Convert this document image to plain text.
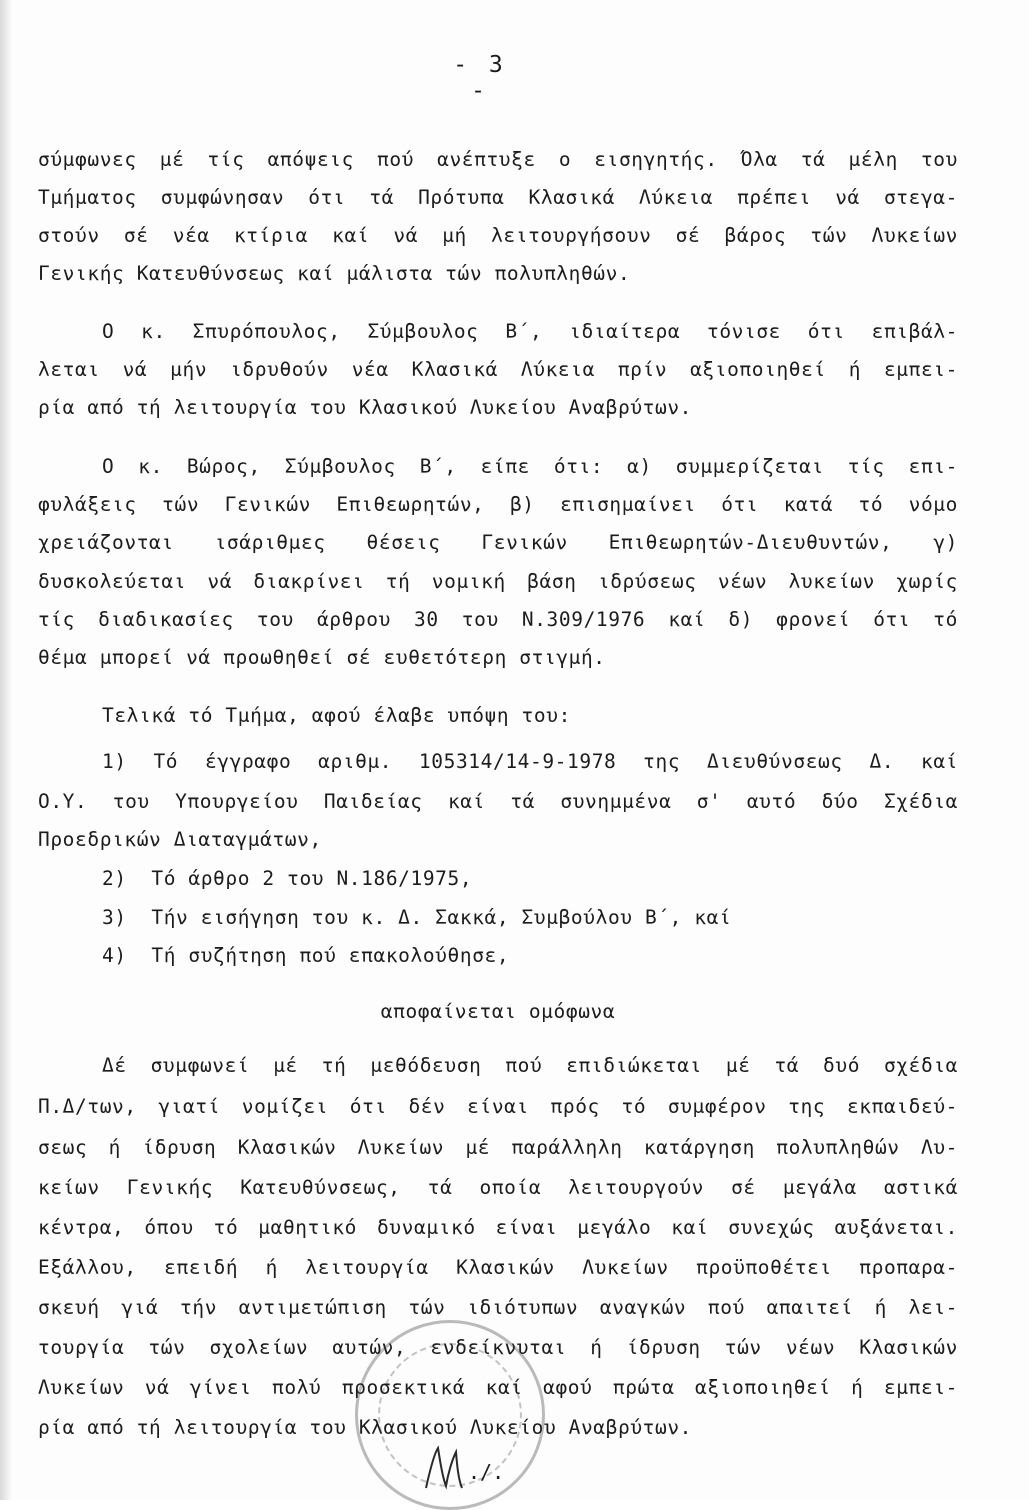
- 3 -
σύμφωνες μέ τίς απόψεις πού ανέπτυξε ο εισηγητής. Όλα τά μέλη του
Τμήματος συμφώνησαν ότι τά Πρότυπα Κλασικά Λύκεια πρέπει νά στεγα-
στούν σέ νέα κτίρια καί νά μή λειτουργήσουν σέ βάρος τών Λυκείων
Γενικής Κατευθύνσεως καί μάλιστα τών πολυπληθών.
Ο κ. Σπυρόπουλος, Σύμβουλος Β΄, ιδιαίτερα τόνισε ότι επιβάλ-
λεται νά μήν ιδρυθούν νέα Κλασικά Λύκεια πρίν αξιοποιηθεί ή εμπει-
ρία από τή λειτουργία του Κλασικού Λυκείου Αναβρύτων.
Ο κ. Βώρος, Σύμβουλος Β΄, είπε ότι: α) συμμερίζεται τίς επι-
φυλάξεις τών Γενικών Επιθεωρητών, β) επισημαίνει ότι κατά τό νόμο
χρειάζονται ισάριθμες θέσεις Γενικών Επιθεωρητών-Διευθυντών, γ)
δυσκολεύεται νά διακρίνει τή νομική βάση ιδρύσεως νέων λυκείων χωρίς
τίς διαδικασίες του άρθρου 30 του Ν.309/1976 καί δ) φρονεί ότι τό
θέμα μπορεί νά προωθηθεί σέ ευθετότερη στιγμή.
Τελικά τό Τμήμα, αφού έλαβε υπόψη του:
1) Τό έγγραφο αριθμ. 105314/14-9-1978 της Διευθύνσεως Δ. καί
Ο.Υ. του Υπουργείου Παιδείας καί τά συνημμένα σ' αυτό δύο Σχέδια
Προεδρικών Διαταγμάτων,
2)  Τό άρθρο 2 του Ν.186/1975,
3)  Τήν εισήγηση του κ. Δ. Σακκά, Συμβούλου Β΄, καί
4)  Τή συζήτηση πού επακολούθησε,
αποφαίνεται ομόφωνα
Δέ συμφωνεί μέ τή μεθόδευση πού επιδιώκεται μέ τά δυό σχέδια
Π.Δ/των, γιατί νομίζει ότι δέν είναι πρός τό συμφέρον της εκπαιδεύ-
σεως ή ίδρυση Κλασικών Λυκείων μέ παράλληλη κατάργηση πολυπληθών Λυ-
κείων Γενικής Κατευθύνσεως, τά οποία λειτουργούν σέ μεγάλα αστικά
κέντρα, όπου τό μαθητικό δυναμικό είναι μεγάλο καί συνεχώς αυξάνεται.
Εξάλλου, επειδή ή λειτουργία Κλασικών Λυκείων προϋποθέτει προπαρα-
σκευή γιά τήν αντιμετώπιση τών ιδιότυπων αναγκών πού απαιτεί ή λει-
τουργία τών σχολείων αυτών, ενδείκνυται ή ίδρυση τών νέων Κλασικών
Λυκείων νά γίνει πολύ προσεκτικά καί αφού πρώτα αξιοποιηθεί ή εμπει-
ρία από τή λειτουργία του Κλασικού Λυκείου Αναβρύτων.
./.
